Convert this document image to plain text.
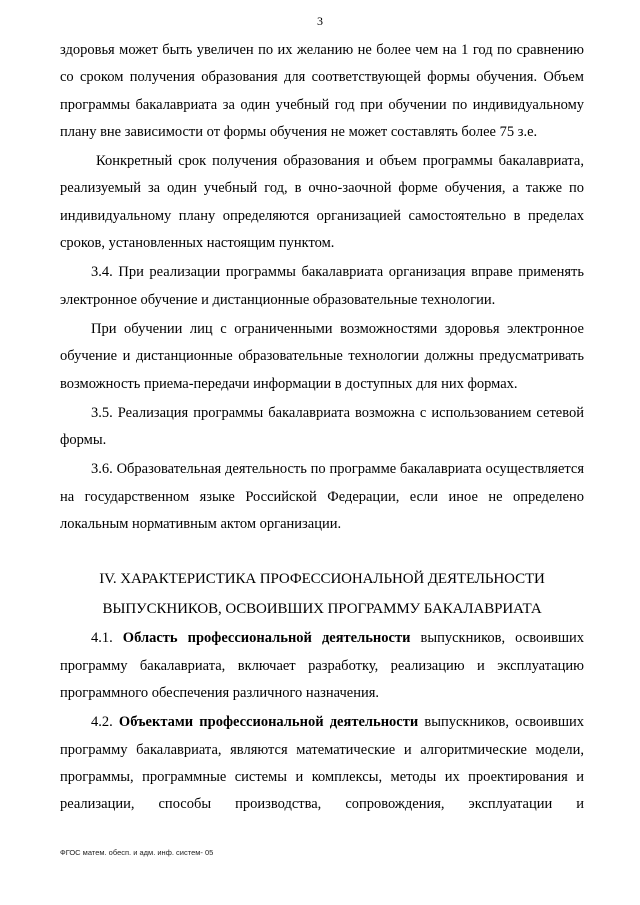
3

здоровья может быть увеличен по их желанию не более чем на 1 год по сравнению со сроком получения образования для соответствующей формы обучения. Объем программы бакалавриата за один учебный год при обучении по индивидуальному плану вне зависимости от формы обучения не может составлять более 75 з.е.

Конкретный срок получения образования и объем программы бакалавриата, реализуемый за один учебный год, в очно-заочной форме обучения, а также по индивидуальному плану определяются организацией самостоятельно в пределах сроков, установленных настоящим пунктом.

3.4. При реализации программы бакалавриата организация вправе применять электронное обучение и дистанционные образовательные технологии.

При обучении лиц с ограниченными возможностями здоровья электронное обучение и дистанционные образовательные технологии должны предусматривать возможность приема-передачи информации в доступных для них формах.

3.5. Реализация программы бакалавриата возможна с использованием сетевой формы.

3.6. Образовательная деятельность по программе бакалавриата осуществляется на государственном языке Российской Федерации, если иное не определено локальным нормативным актом организации.

IV. ХАРАКТЕРИСТИКА ПРОФЕССИОНАЛЬНОЙ ДЕЯТЕЛЬНОСТИ
ВЫПУСКНИКОВ, ОСВОИВШИХ ПРОГРАММУ БАКАЛАВРИАТА

4.1. Область профессиональной деятельности выпускников, освоивших программу бакалавриата, включает разработку, реализацию и эксплуатацию программного обеспечения различного назначения.

4.2. Объектами профессиональной деятельности выпускников, освоивших программу бакалавриата, являются математические и алгоритмические модели, программы, программные системы и комплексы, методы их проектирования и реализации, способы производства, сопровождения, эксплуатации и

ФГОС матем. обесп. и адм. инф. систем- 05
